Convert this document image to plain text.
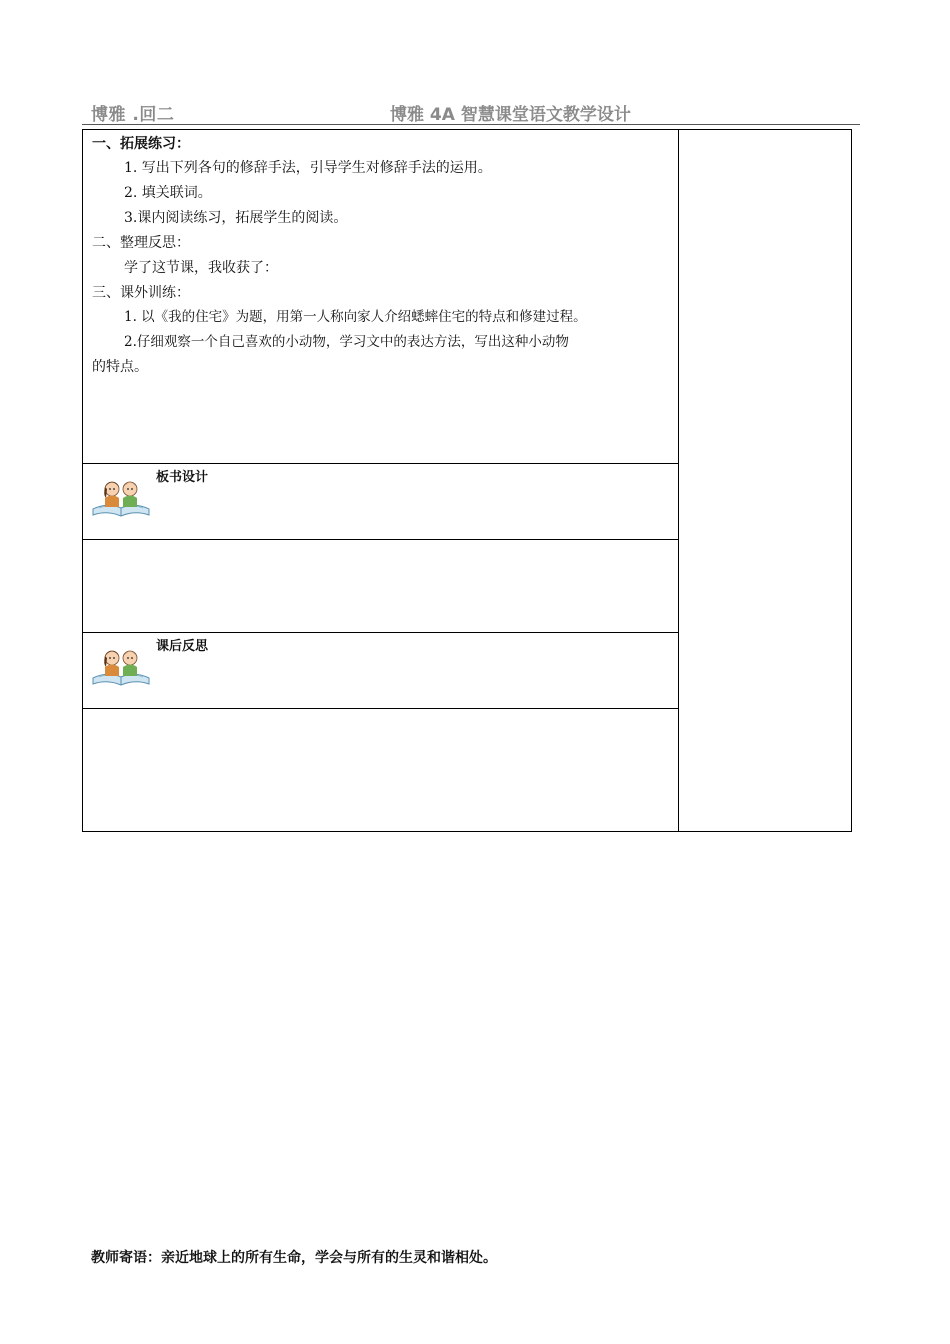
博雅 .回二	博雅 4A 智慧课堂语文教学设计
一、拓展练习：
1. 写出下列各句的修辞手法，引导学生对修辞手法的运用。
2. 填关联词。
3.课内阅读练习，拓展学生的阅读。
二、整理反思：
学了这节课，我收获了：
三、课外训练：
1. 以《我的住宅》为题，用第一人称向家人介绍蟋蟀住宅的特点和修建过程。
2.仔细观察一个自己喜欢的小动物，学习文中的表达方法，写出这种小动物
的特点。
板书设计
课后反思
教师寄语：亲近地球上的所有生命，学会与所有的生灵和谐相处。
